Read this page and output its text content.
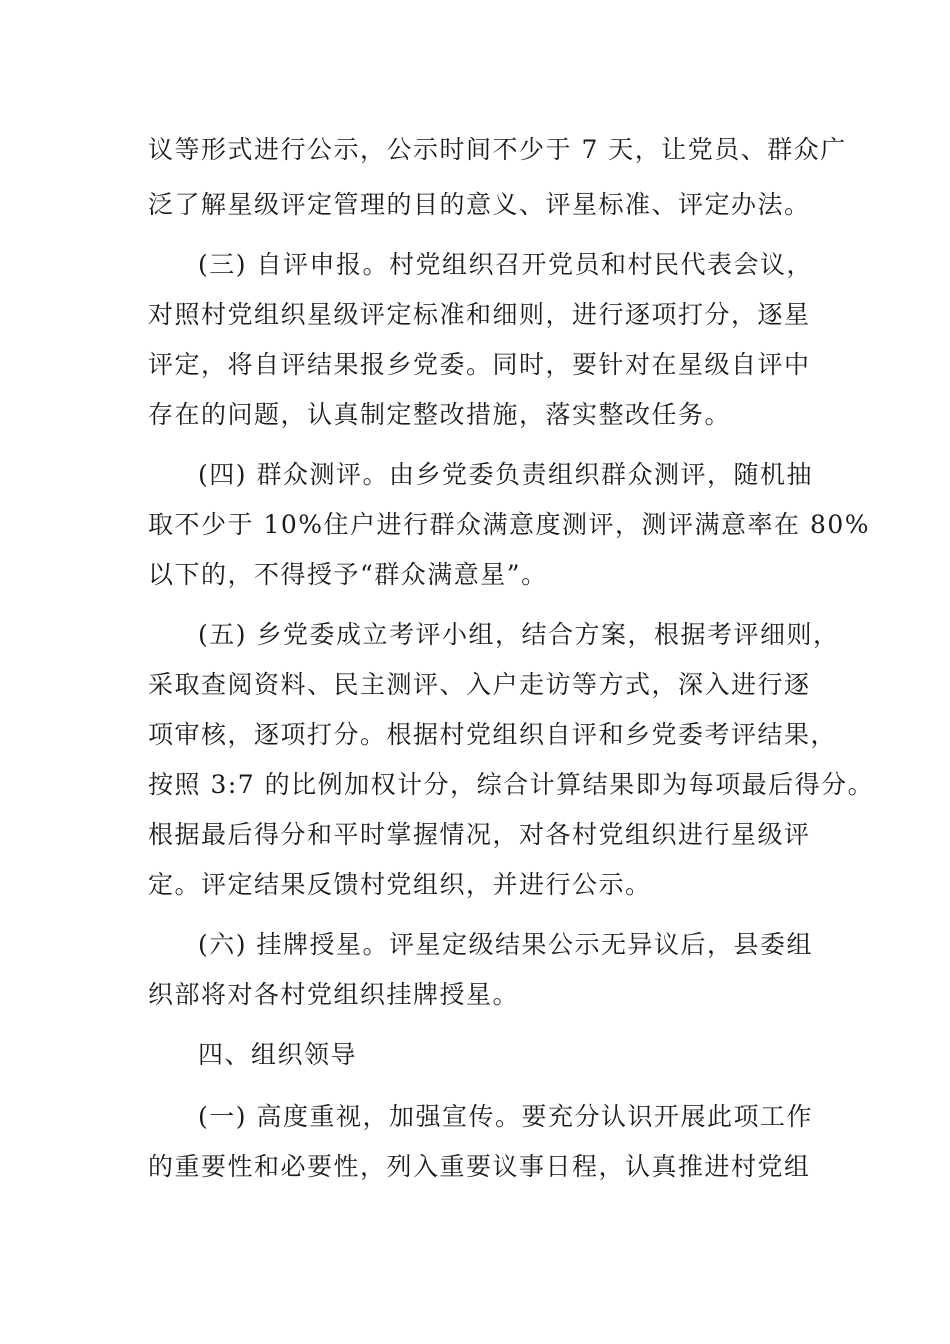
议等形式进行公示，公示时间不少于 7 天，让党员、群众广
泛了解星级评定管理的目的意义、评星标准、评定办法。
(三) 自评申报。村党组织召开党员和村民代表会议，
对照村党组织星级评定标准和细则，进行逐项打分，逐星
评定，将自评结果报乡党委。同时，要针对在星级自评中
存在的问题，认真制定整改措施，落实整改任务。
(四) 群众测评。由乡党委负责组织群众测评，随机抽
取不少于 10%住户进行群众满意度测评，测评满意率在 80%
以下的，不得授予“群众满意星”。
(五) 乡党委成立考评小组，结合方案，根据考评细则，
采取查阅资料、民主测评、入户走访等方式，深入进行逐
项审核，逐项打分。根据村党组织自评和乡党委考评结果，
按照 3:7 的比例加权计分，综合计算结果即为每项最后得分。
根据最后得分和平时掌握情况，对各村党组织进行星级评
定。评定结果反馈村党组织，并进行公示。
(六) 挂牌授星。评星定级结果公示无异议后，县委组
织部将对各村党组织挂牌授星。
四、组织领导
(一) 高度重视，加强宣传。要充分认识开展此项工作
的重要性和必要性，列入重要议事日程，认真推进村党组
